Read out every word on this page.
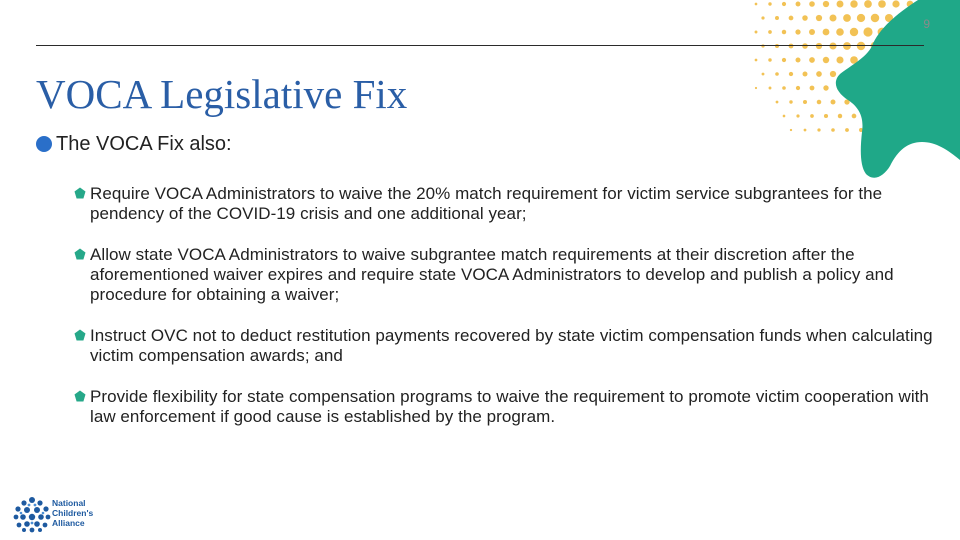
9
VOCA Legislative Fix
The VOCA Fix also:
Require VOCA Administrators to waive the 20% match requirement for victim service subgrantees for the pendency of the COVID-19 crisis and one additional year;
Allow state VOCA Administrators to waive subgrantee match requirements at their discretion after the aforementioned waiver expires and require state VOCA Administrators to develop and publish a policy and procedure for obtaining a waiver;
Instruct OVC not to deduct restitution payments recovered by state victim compensation funds when calculating victim compensation awards; and
Provide flexibility for state compensation programs to waive the requirement to promote victim cooperation with law enforcement if good cause is established by the program.
National
Children's
Alliance
